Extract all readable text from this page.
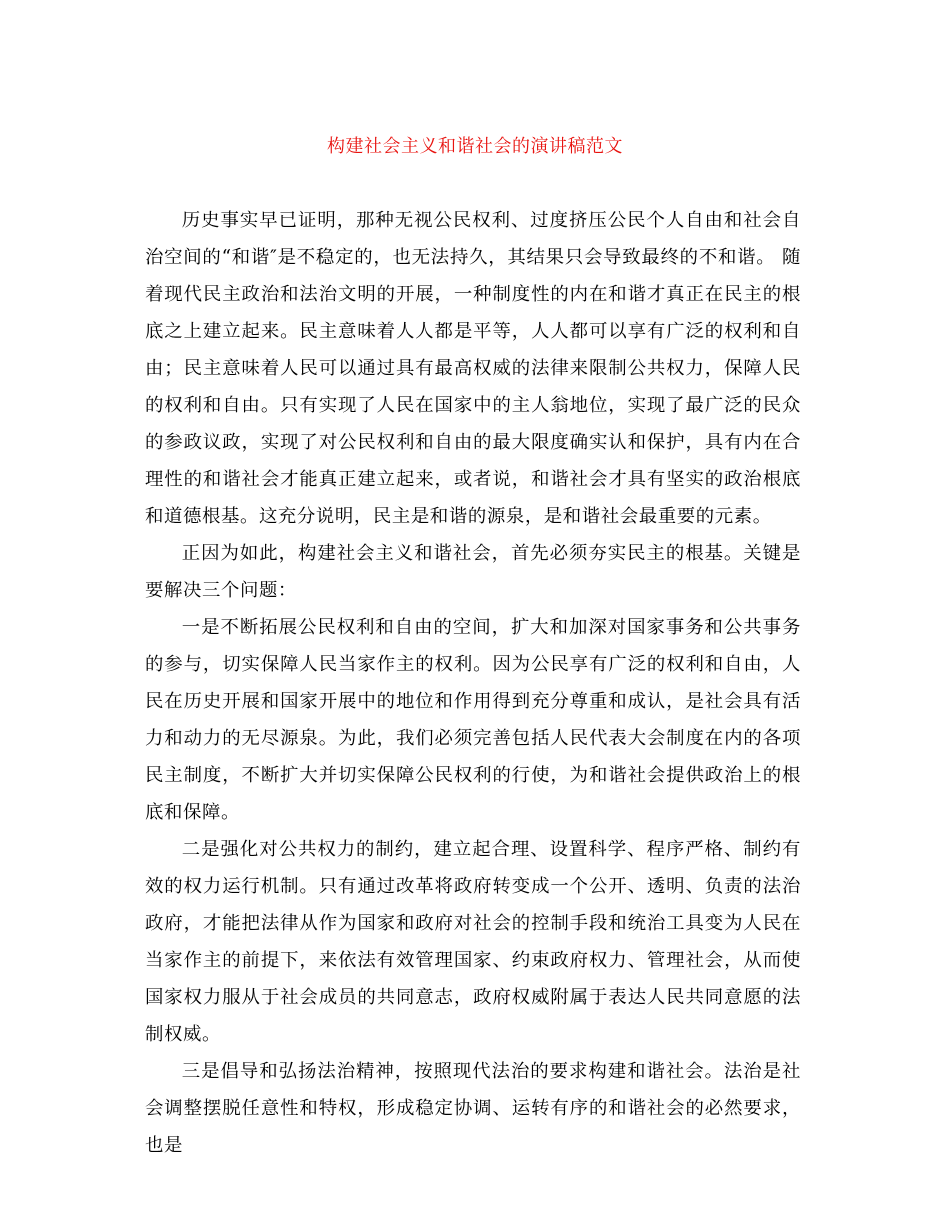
构建社会主义和谐社会的演讲稿范文

历史事实早已证明，那种无视公民权利、过度挤压公民个人自由和社会自治空间的“和谐″是不稳定的，也无法持久，其结果只会导致最终的不和谐。 随着现代民主政治和法治文明的开展，一种制度性的内在和谐才真正在民主的根底之上建立起来。民主意味着人人都是平等，人人都可以享有广泛的权利和自由；民主意味着人民可以通过具有最高权威的法律来限制公共权力，保障人民的权利和自由。只有实现了人民在国家中的主人翁地位，实现了最广泛的民众的参政议政，实现了对公民权利和自由的最大限度确实认和保护，具有内在合理性的和谐社会才能真正建立起来，或者说，和谐社会才具有坚实的政治根底和道德根基。这充分说明，民主是和谐的源泉，是和谐社会最重要的元素。

正因为如此，构建社会主义和谐社会，首先必须夯实民主的根基。关键是要解决三个问题：

一是不断拓展公民权利和自由的空间，扩大和加深对国家事务和公共事务的参与，切实保障人民当家作主的权利。因为公民享有广泛的权利和自由，人民在历史开展和国家开展中的地位和作用得到充分尊重和成认，是社会具有活力和动力的无尽源泉。为此，我们必须完善包括人民代表大会制度在内的各项民主制度，不断扩大并切实保障公民权利的行使，为和谐社会提供政治上的根底和保障。

二是强化对公共权力的制约，建立起合理、设置科学、程序严格、制约有效的权力运行机制。只有通过改革将政府转变成一个公开、透明、负责的法治政府，才能把法律从作为国家和政府对社会的控制手段和统治工具变为人民在当家作主的前提下，来依法有效管理国家、约束政府权力、管理社会，从而使国家权力服从于社会成员的共同意志，政府权威附属于表达人民共同意愿的法制权威。

三是倡导和弘扬法治精神，按照现代法治的要求构建和谐社会。法治是社会调整摆脱任意性和特权，形成稳定协调、运转有序的和谐社会的必然要求，也是
